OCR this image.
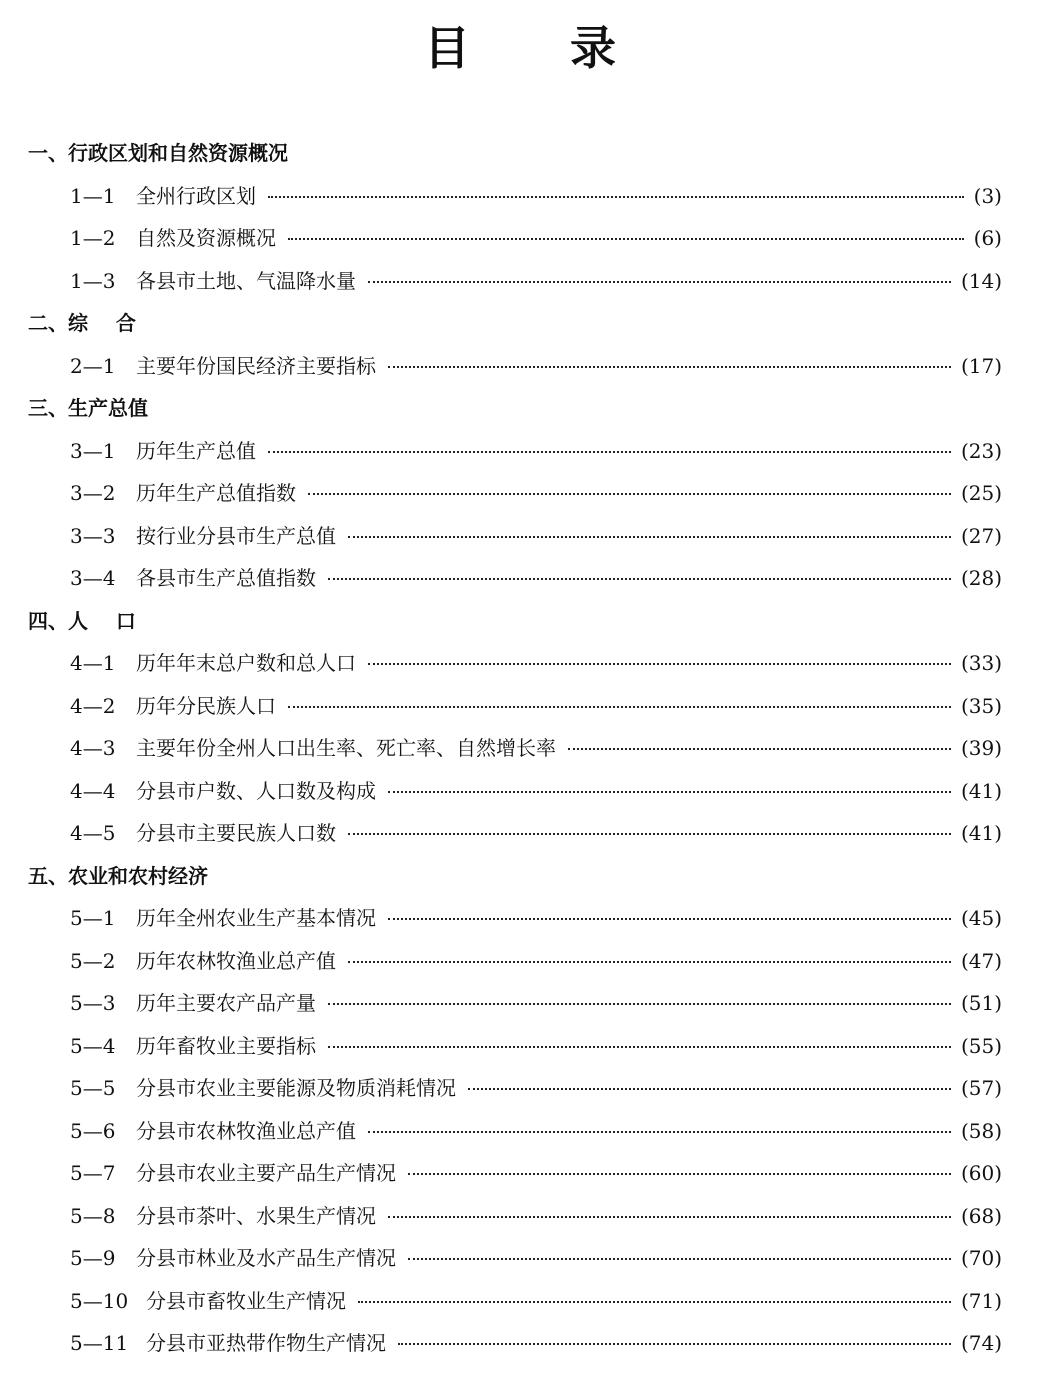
目 录
一、行政区划和自然资源概况
1—1	全州行政区划	(3)
1—2	自然及资源概况	(6)
1—3	各县市土地、气温降水量	(14)
二、综    合
2—1	主要年份国民经济主要指标	(17)
三、生产总值
3—1	历年生产总值	(23)
3—2	历年生产总值指数	(25)
3—3	按行业分县市生产总值	(27)
3—4	各县市生产总值指数	(28)
四、人    口
4—1	历年年末总户数和总人口	(33)
4—2	历年分民族人口	(35)
4—3	主要年份全州人口出生率、死亡率、自然增长率	(39)
4—4	分县市户数、人口数及构成	(41)
4—5	分县市主要民族人口数	(41)
五、农业和农村经济
5—1	历年全州农业生产基本情况	(45)
5—2	历年农林牧渔业总产值	(47)
5—3	历年主要农产品产量	(51)
5—4	历年畜牧业主要指标	(55)
5—5	分县市农业主要能源及物质消耗情况	(57)
5—6	分县市农林牧渔业总产值	(58)
5—7	分县市农业主要产品生产情况	(60)
5—8	分县市茶叶、水果生产情况	(68)
5—9	分县市林业及水产品生产情况	(70)
5—10 分县市畜牧业生产情况	(71)
5—11 分县市亚热带作物生产情况	(74)
